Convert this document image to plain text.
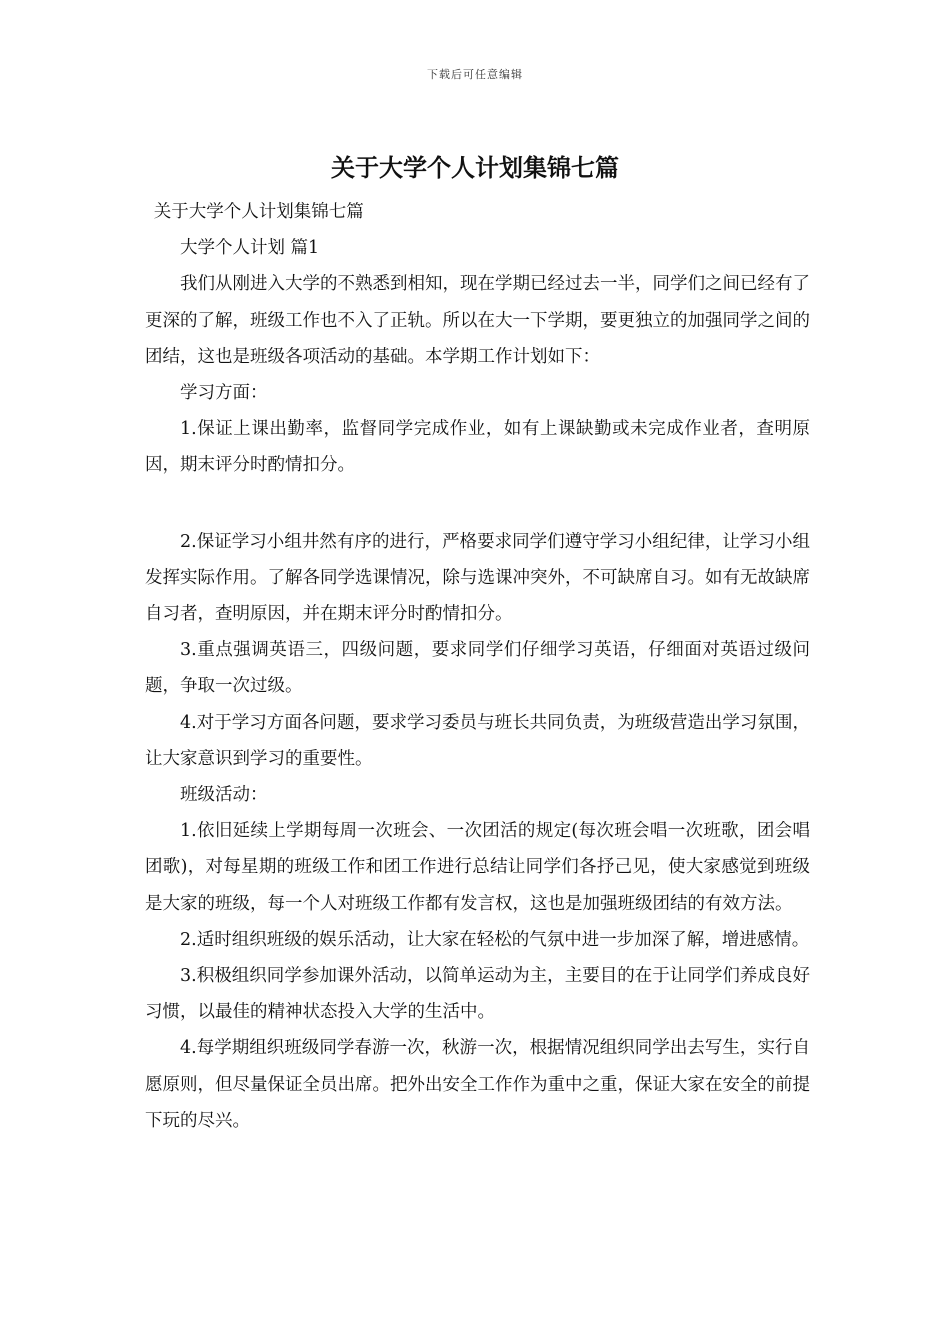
下载后可任意编辑
关于大学个人计划集锦七篇

关于大学个人计划集锦七篇

大学个人计划 篇1

我们从刚进入大学的不熟悉到相知，现在学期已经过去一半，同学们之间已经有了更深的了解，班级工作也不入了正轨。所以在大一下学期，要更独立的加强同学之间的团结，这也是班级各项活动的基础。本学期工作计划如下：

学习方面：

1.保证上课出勤率，监督同学完成作业，如有上课缺勤或未完成作业者，查明原因，期末评分时酌情扣分。

2.保证学习小组井然有序的进行，严格要求同学们遵守学习小组纪律，让学习小组发挥实际作用。了解各同学选课情况，除与选课冲突外，不可缺席自习。如有无故缺席自习者，查明原因，并在期末评分时酌情扣分。

3.重点强调英语三，四级问题，要求同学们仔细学习英语，仔细面对英语过级问题，争取一次过级。

4.对于学习方面各问题，要求学习委员与班长共同负责，为班级营造出学习氛围，让大家意识到学习的重要性。

班级活动：

1.依旧延续上学期每周一次班会、一次团活的规定(每次班会唱一次班歌，团会唱团歌)，对每星期的班级工作和团工作进行总结让同学们各抒己见，使大家感觉到班级是大家的班级，每一个人对班级工作都有发言权，这也是加强班级团结的有效方法。

2.适时组织班级的娱乐活动，让大家在轻松的气氛中进一步加深了解，增进感情。

3.积极组织同学参加课外活动，以简单运动为主，主要目的在于让同学们养成良好习惯，以最佳的精神状态投入大学的生活中。

4.每学期组织班级同学春游一次，秋游一次，根据情况组织同学出去写生，实行自愿原则，但尽量保证全员出席。把外出安全工作作为重中之重，保证大家在安全的前提下玩的尽兴。
